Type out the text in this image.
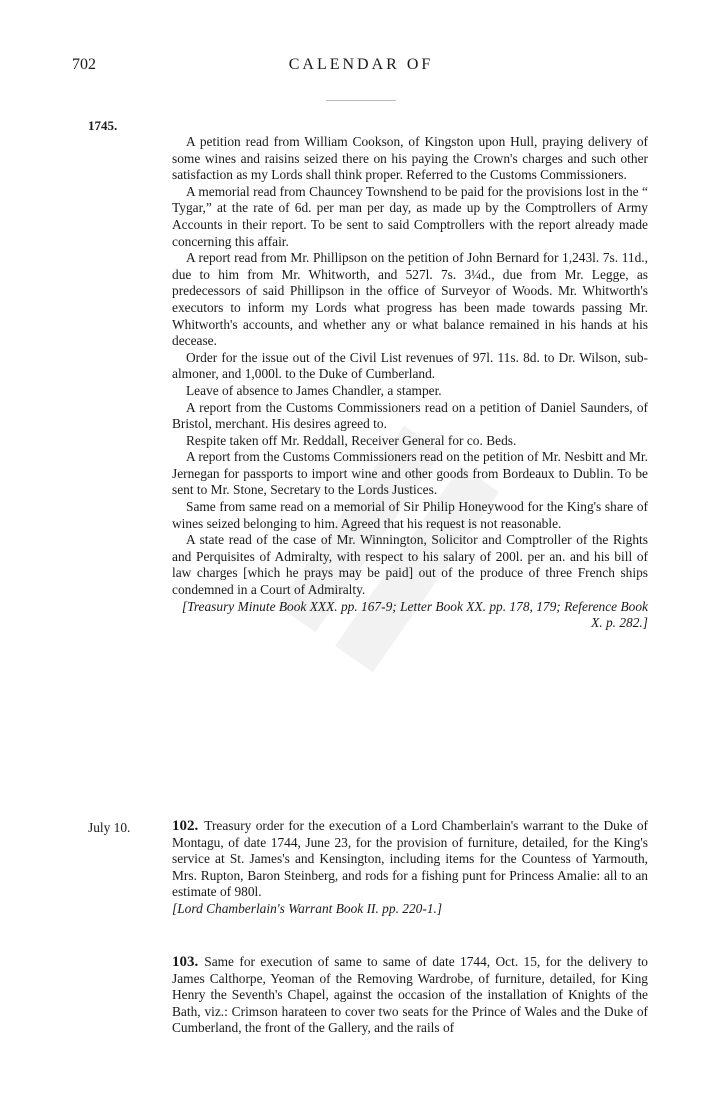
702	CALENDAR OF
1745.

A petition read from William Cookson, of Kingston upon Hull, praying delivery of some wines and raisins seized there on his paying the Crown's charges and such other satisfaction as my Lords shall think proper. Referred to the Customs Commissioners.

A memorial read from Chauncey Townshend to be paid for the provisions lost in the “ Tygar,” at the rate of 6d. per man per day, as made up by the Comptrollers of Army Accounts in their report. To be sent to said Comptrollers with the report already made concerning this affair.

A report read from Mr. Phillipson on the petition of John Bernard for 1,243l. 7s. 11d., due to him from Mr. Whitworth, and 527l. 7s. 3¼d., due from Mr. Legge, as predecessors of said Phillipson in the office of Surveyor of Woods. Mr. Whitworth's executors to inform my Lords what progress has been made towards passing Mr. Whitworth's accounts, and whether any or what balance remained in his hands at his decease.

Order for the issue out of the Civil List revenues of 97l. 11s. 8d. to Dr. Wilson, sub-almoner, and 1,000l. to the Duke of Cumberland.

Leave of absence to James Chandler, a stamper.

A report from the Customs Commissioners read on a petition of Daniel Saunders, of Bristol, merchant. His desires agreed to.

Respite taken off Mr. Reddall, Receiver General for co. Beds.

A report from the Customs Commissioners read on the petition of Mr. Nesbitt and Mr. Jernegan for passports to import wine and other goods from Bordeaux to Dublin. To be sent to Mr. Stone, Secretary to the Lords Justices.

Same from same read on a memorial of Sir Philip Honeywood for the King's share of wines seized belonging to him. Agreed that his request is not reasonable.

A state read of the case of Mr. Winnington, Solicitor and Comptroller of the Rights and Perquisites of Admiralty, with respect to his salary of 200l. per an. and his bill of law charges [which he prays may be paid] out of the produce of three French ships condemned in a Court of Admiralty.

[Treasury Minute Book XXX. pp. 167-9; Letter Book XX. pp. 178, 179; Reference Book X. p. 282.]

July 10.	102. Treasury order for the execution of a Lord Chamberlain's warrant to the Duke of Montagu, of date 1744, June 23, for the provision of furniture, detailed, for the King's service at St. James's and Kensington, including items for the Countess of Yarmouth, Mrs. Rupton, Baron Steinberg, and rods for a fishing punt for Princess Amalie: all to an estimate of 980l.

[Lord Chamberlain's Warrant Book II. pp. 220-1.]

103. Same for execution of same to same of date 1744, Oct. 15, for the delivery to James Calthorpe, Yeoman of the Removing Wardrobe, of furniture, detailed, for King Henry the Seventh's Chapel, against the occasion of the installation of Knights of the Bath, viz.: Crimson harateen to cover two seats for the Prince of Wales and the Duke of Cumberland, the front of the Gallery, and the rails of
